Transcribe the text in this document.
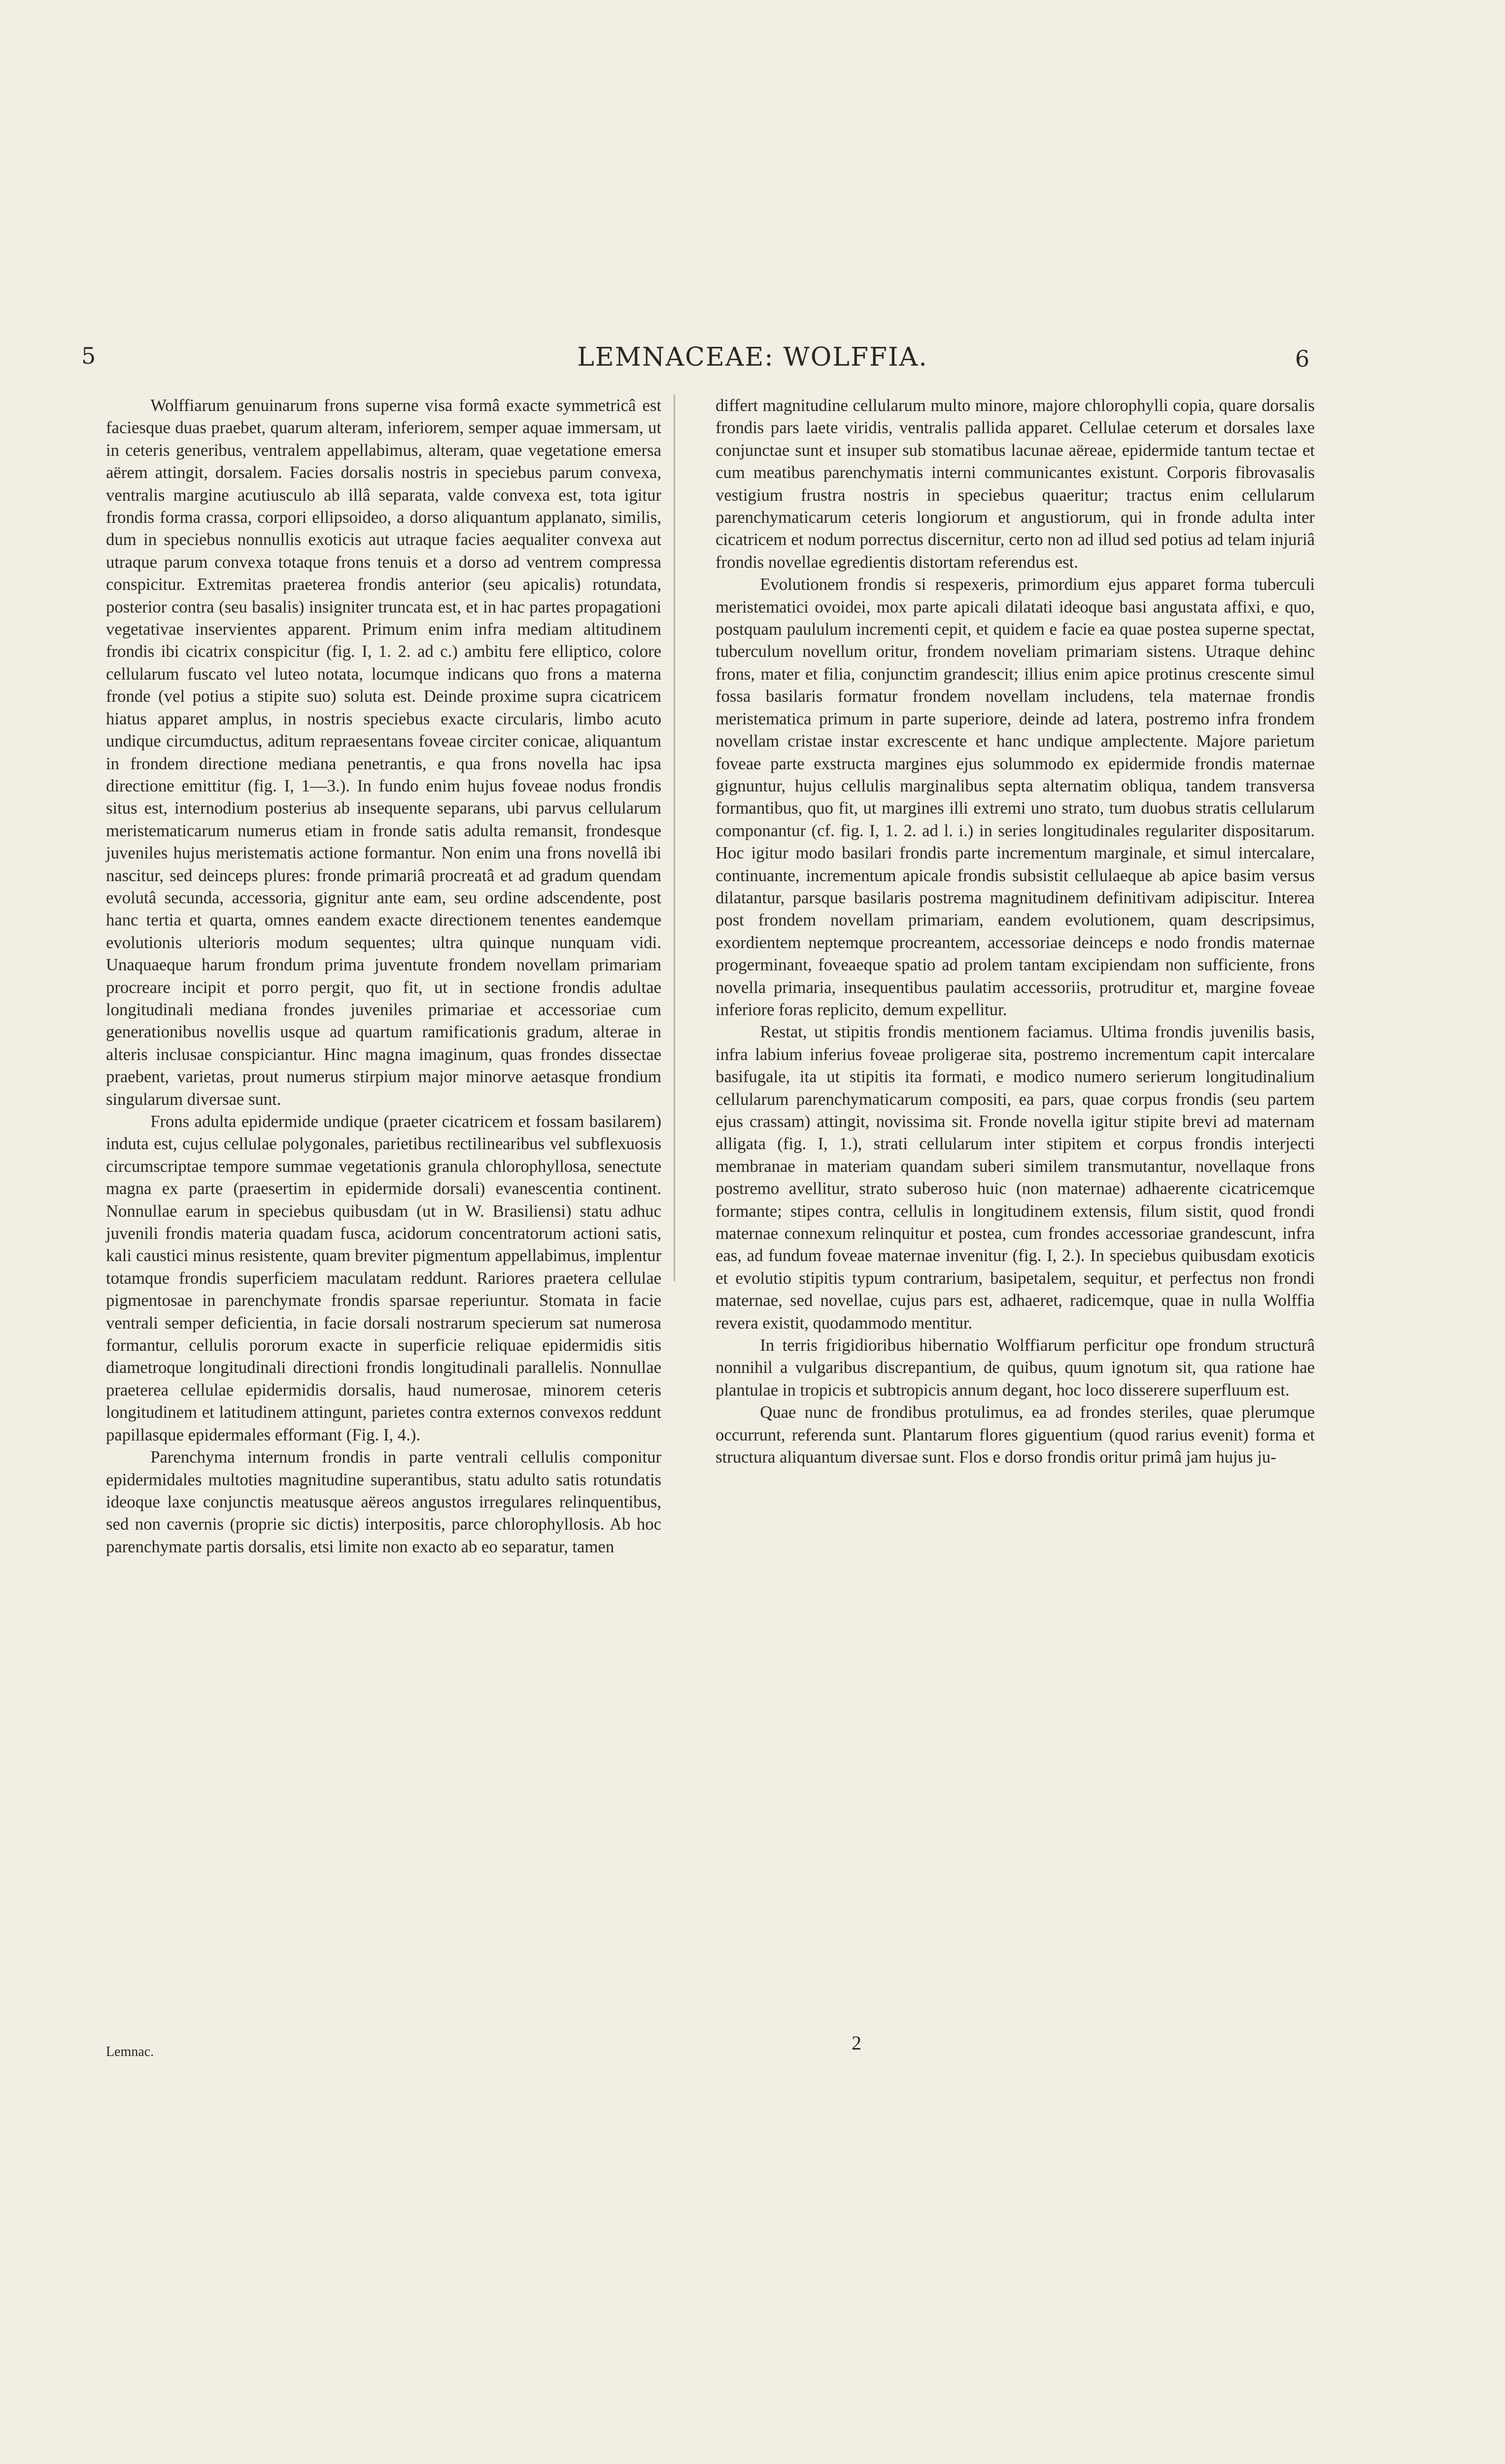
5	LEMNACEAE: WOLFFIA.	6

Wolffiarum genuinarum frons superne visa formâ exacte symmetricâ est faciesque duas praebet, quarum alteram, inferiorem, semper aquae immersam, ut in ceteris generibus, ventralem appellabimus, alteram, quae vegetatione emersa aërem attingit, dorsalem. Facies dorsalis nostris in speciebus parum convexa, ventralis margine acutiusculo ab illâ separata, valde convexa est, tota igitur frondis forma crassa, corpori ellipsoideo, a dorso aliquantum applanato, similis, dum in speciebus nonnullis exoticis aut utraque facies aequaliter convexa aut utraque parum convexa totaque frons tenuis et a dorso ad ventrem compressa conspicitur. Extremitas praeterea frondis anterior (seu apicalis) rotundata, posterior contra (seu basalis) insigniter truncata est, et in hac partes propagationi vegetativae inservientes apparent. Primum enim infra mediam altitudinem frondis ibi cicatrix conspicitur (fig. I, 1. 2. ad c.) ambitu fere elliptico, colore cellularum fuscato vel luteo notata, locumque indicans quo frons a materna fronde (vel potius a stipite suo) soluta est. Deinde proxime supra cicatricem hiatus apparet amplus, in nostris speciebus exacte circularis, limbo acuto undique circumductus, aditum repraesentans foveae circiter conicae, aliquantum in frondem directione mediana penetrantis, e qua frons novella hac ipsa directione emittitur (fig. I, 1—3.). In fundo enim hujus foveae nodus frondis situs est, internodium posterius ab insequente separans, ubi parvus cellularum meristematicarum numerus etiam in fronde satis adulta remansit, frondesque juveniles hujus meristematis actione formantur. Non enim una frons novellâ ibi nascitur, sed deinceps plures: fronde primariâ procreatâ et ad gradum quendam evolutâ secunda, accessoria, gignitur ante eam, seu ordine adscendente, post hanc tertia et quarta, omnes eandem exacte directionem tenentes eandemque evolutionis ulterioris modum sequentes; ultra quinque nunquam vidi. Unaquaeque harum frondum prima juventute frondem novellam primariam procreare incipit et porro pergit, quo fit, ut in sectione frondis adultae longitudinali mediana frondes juveniles primariae et accessoriae cum generationibus novellis usque ad quartum ramificationis gradum, alterae in alteris inclusae conspiciantur. Hinc magna imaginum, quas frondes dissectae praebent, varietas, prout numerus stirpium major minorve aetasque frondium singularum diversae sunt.

Frons adulta epidermide undique (praeter cicatricem et fossam basilarem) induta est, cujus cellulae polygonales, parietibus rectilinearibus vel subflexuosis circumscriptae tempore summae vegetationis granula chlorophyllosa, senectute magna ex parte (praesertim in epidermide dorsali) evanescentia continent. Nonnullae earum in speciebus quibusdam (ut in W. Brasiliensi) statu adhuc juvenili frondis materia quadam fusca, acidorum concentratorum actioni satis, kali caustici minus resistente, quam breviter pigmentum appellabimus, implentur totamque frondis superficiem maculatam reddunt. Rariores praetera cellulae pigmentosae in parenchymate frondis sparsae reperiuntur. Stomata in facie ventrali semper deficientia, in facie dorsali nostrarum specierum sat numerosa formantur, cellulis pororum exacte in superficie reliquae epidermidis sitis diametroque longitudinali directioni frondis longitudinali parallelis. Nonnullae praeterea cellulae epidermidis dorsalis, haud numerosae, minorem ceteris longitudinem et latitudinem attingunt, parietes contra externos convexos reddunt papillasque epidermales efformant (Fig. I, 4.).

Parenchyma internum frondis in parte ventrali cellulis componitur epidermidales multoties magnitudine superantibus, statu adulto satis rotundatis ideoque laxe conjunctis meatusque aëreos angustos irregulares relinquentibus, sed non cavernis (proprie sic dictis) interpositis, parce chlorophyllosis. Ab hoc parenchymate partis dorsalis, etsi limite non exacto ab eo separatur, tamen

differt magnitudine cellularum multo minore, majore chlorophylli copia, quare dorsalis frondis pars laete viridis, ventralis pallida apparet. Cellulae ceterum et dorsales laxe conjunctae sunt et insuper sub stomatibus lacunae aëreae, epidermide tantum tectae et cum meatibus parenchymatis interni communicantes existunt. Corporis fibrovasalis vestigium frustra nostris in speciebus quaeritur; tractus enim cellularum parenchymaticarum ceteris longiorum et angustiorum, qui in fronde adulta inter cicatricem et nodum porrectus discernitur, certo non ad illud sed potius ad telam injuriâ frondis novellae egredientis distortam referendus est.

Evolutionem frondis si respexeris, primordium ejus apparet forma tuberculi meristematici ovoidei, mox parte apicali dilatati ideoque basi angustata affixi, e quo, postquam paululum incrementi cepit, et quidem e facie ea quae postea superne spectat, tuberculum novellum oritur, frondem noveliam primariam sistens. Utraque dehinc frons, mater et filia, conjunctim grandescit; illius enim apice protinus crescente simul fossa basilaris formatur frondem novellam includens, tela maternae frondis meristematica primum in parte superiore, deinde ad latera, postremo infra frondem novellam cristae instar excrescente et hanc undique amplectente. Majore parietum foveae parte exstructa margines ejus solummodo ex epidermide frondis maternae gignuntur, hujus cellulis marginalibus septa alternatim obliqua, tandem transversa formantibus, quo fit, ut margines illi extremi uno strato, tum duobus stratis cellularum componantur (cf. fig. I, 1. 2. ad l. i.) in series longitudinales regulariter dispositarum. Hoc igitur modo basilari frondis parte incrementum marginale, et simul intercalare, continuante, incrementum apicale frondis subsistit cellulaeque ab apice basim versus dilatantur, parsque basilaris postrema magnitudinem definitivam adipiscitur. Interea post frondem novellam primariam, eandem evolutionem, quam descripsimus, exordientem neptemque procreantem, accessoriae deinceps e nodo frondis maternae progerminant, foveaeque spatio ad prolem tantam excipiendam non sufficiente, frons novella primaria, insequentibus paulatim accessoriis, protruditur et, margine foveae inferiore foras replicito, demum expellitur.

Restat, ut stipitis frondis mentionem faciamus. Ultima frondis juvenilis basis, infra labium inferius foveae proligerae sita, postremo incrementum capit intercalare basifugale, ita ut stipitis ita formati, e modico numero serierum longitudinalium cellularum parenchymaticarum compositi, ea pars, quae corpus frondis (seu partem ejus crassam) attingit, novissima sit. Fronde novella igitur stipite brevi ad maternam alligata (fig. I, 1.), strati cellularum inter stipitem et corpus frondis interjecti membranae in materiam quandam suberi similem transmutantur, novellaque frons postremo avellitur, strato suberoso huic (non maternae) adhaerente cicatricemque formante; stipes contra, cellulis in longitudinem extensis, filum sistit, quod frondi maternae connexum relinquitur et postea, cum frondes accessoriae grandescunt, infra eas, ad fundum foveae maternae invenitur (fig. I, 2.). In speciebus quibusdam exoticis et evolutio stipitis typum contrarium, basipetalem, sequitur, et perfectus non frondi maternae, sed novellae, cujus pars est, adhaeret, radicemque, quae in nulla Wolffia revera existit, quodammodo mentitur.

In terris frigidioribus hibernatio Wolffiarum perficitur ope frondum structurâ nonnihil a vulgaribus discrepantium, de quibus, quum ignotum sit, qua ratione hae plantulae in tropicis et subtropicis annum degant, hoc loco disserere superfluum est.

Quae nunc de frondibus protulimus, ea ad frondes steriles, quae plerumque occurrunt, referenda sunt. Plantarum flores giguentium (quod rarius evenit) forma et structura aliquantum diversae sunt. Flos e dorso frondis oritur primâ jam hujus ju-

Lemnac.	2
